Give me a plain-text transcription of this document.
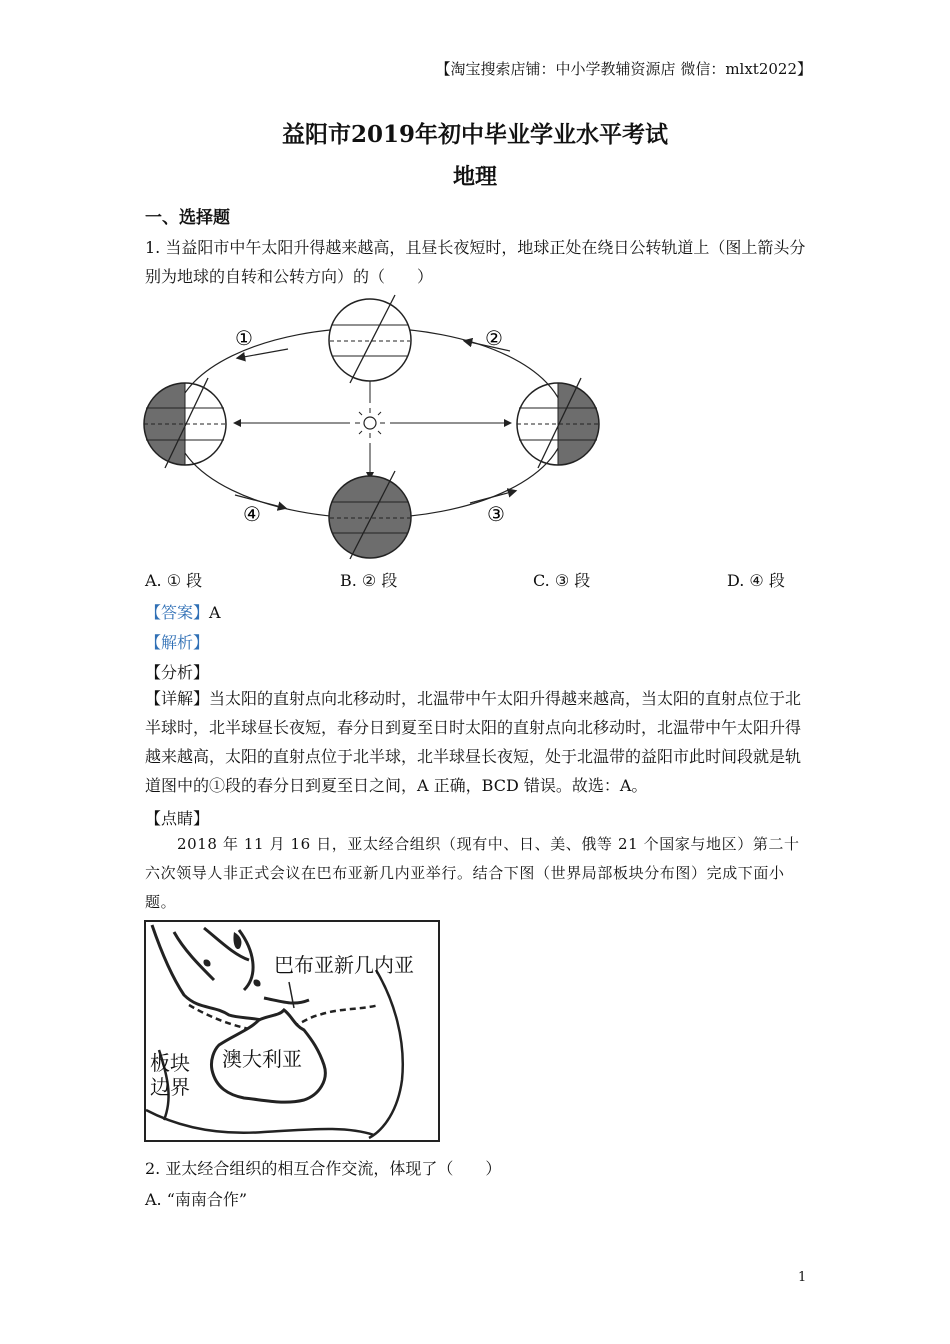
【淘宝搜索店铺：中小学教辅资源店 微信：mlxt2022】
益阳市2019年初中毕业学业水平考试
地理
一、选择题
1. 当益阳市中午太阳升得越来越高，且昼长夜短时，地球正处在绕日公转轨道上（图上箭头分别为地球的自转和公转方向）的（　　）
①	②
③
④
A. ① 段	B. ② 段	C. ③ 段	D. ④ 段
【答案】A
【解析】
【分析】
【详解】当太阳的直射点向北移动时，北温带中午太阳升得越来越高，当太阳的直射点位于北半球时，北半球昼长夜短，春分日到夏至日时太阳的直射点向北移动时，北温带中午太阳升得越来越高，太阳的直射点位于北半球，北半球昼长夜短，处于北温带的益阳市此时间段就是轨道图中的①段的春分日到夏至日之间，A 正确，BCD 错误。故选：A。
【点睛】
2018 年 11 月 16 日，亚太经合组织（现有中、日、美、俄等 21 个国家与地区）第二十六次领导人非正式会议在巴布亚新几内亚举行。结合下图（世界局部板块分布图）完成下面小题。
巴布亚新几内亚
澳大利亚
板块
边界
2. 亚太经合组织的相互合作交流，体现了（　　）
A. “南南合作”
1
